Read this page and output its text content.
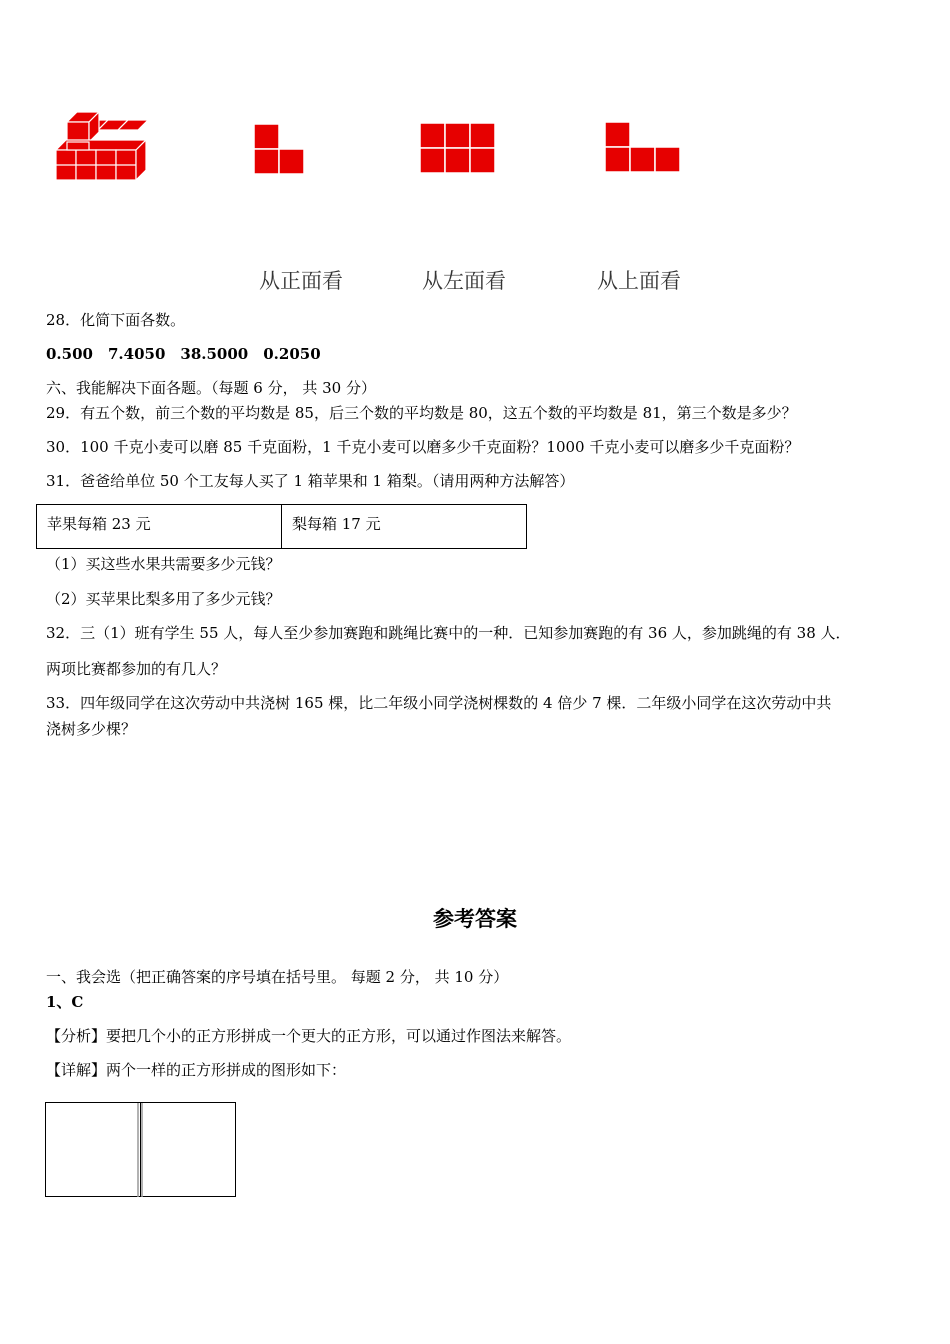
从正面看	从左面看	从上面看
28．化简下面各数。
0.500　7.4050　38.5000　0.2050
六、我能解决下面各题。（每题 6 分， 共 30 分）
29．有五个数，前三个数的平均数是 85，后三个数的平均数是 80，这五个数的平均数是 81，第三个数是多少？
30．100 千克小麦可以磨 85 千克面粉，1 千克小麦可以磨多少千克面粉？1000 千克小麦可以磨多少千克面粉？
31．爸爸给单位 50 个工友每人买了 1 箱苹果和 1 箱梨。（请用两种方法解答）
苹果每箱 23 元	梨每箱 17 元
（1）买这些水果共需要多少元钱？
（2）买苹果比梨多用了多少元钱？
32．三（1）班有学生 55 人，每人至少参加赛跑和跳绳比赛中的一种．已知参加赛跑的有 36 人，参加跳绳的有 38 人．
两项比赛都参加的有几人？
33．四年级同学在这次劳动中共浇树 165 棵，比二年级小同学浇树棵数的 4 倍少 7 棵．二年级小同学在这次劳动中共
浇树多少棵？
参考答案
一、我会选（把正确答案的序号填在括号里。 每题 2 分， 共 10 分）
1、C
【分析】要把几个小的正方形拼成一个更大的正方形，可以通过作图法来解答。
【详解】两个一样的正方形拼成的图形如下：
